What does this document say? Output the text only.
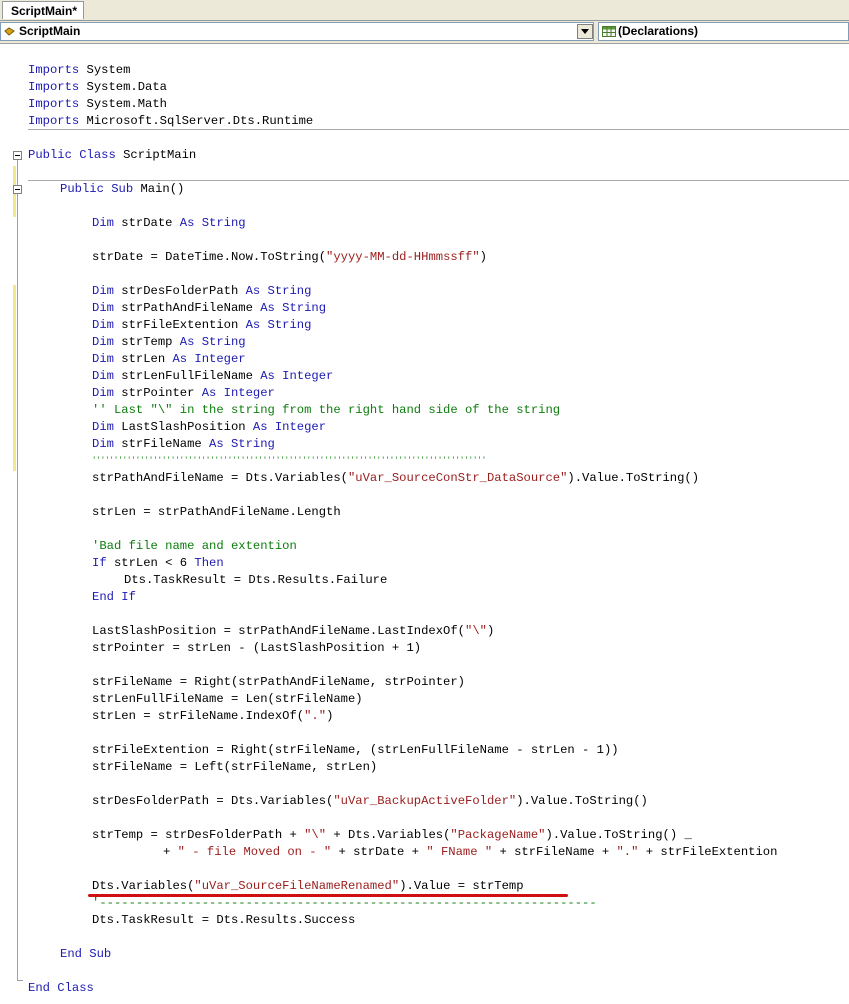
ScriptMain*
ScriptMain	(Declarations)
Imports System
Imports System.Data
Imports System.Math
Imports Microsoft.SqlServer.Dts.Runtime
Public Class ScriptMain
Public Sub Main()
Dim strDate As String
strDate = DateTime.Now.ToString("yyyy-MM-dd-HHmmssff")
Dim strDesFolderPath As String
Dim strPathAndFileName As String
Dim strFileExtention As String
Dim strTemp As String
Dim strLen As Integer
Dim strLenFullFileName As Integer
Dim strPointer As Integer
'' Last "\" in the string from the right hand side of the string
Dim LastSlashPosition As Integer
Dim strFileName As String
''''''''''''''''''''''''''''''''''''''''''''''''''''''''''''''''''''''''''''''''''''''''''
strPathAndFileName = Dts.Variables("uVar_SourceConStr_DataSource").Value.ToString()
strLen = strPathAndFileName.Length
'Bad file name and extention
If strLen < 6 Then
Dts.TaskResult = Dts.Results.Failure
End If
LastSlashPosition = strPathAndFileName.LastIndexOf("\")
strPointer = strLen - (LastSlashPosition + 1)
strFileName = Right(strPathAndFileName, strPointer)
strLenFullFileName = Len(strFileName)
strLen = strFileName.IndexOf(".")
strFileExtention = Right(strFileName, (strLenFullFileName - strLen - 1))
strFileName = Left(strFileName, strLen)
strDesFolderPath = Dts.Variables("uVar_BackupActiveFolder").Value.ToString()
strTemp = strDesFolderPath + "\" + Dts.Variables("PackageName").Value.ToString() _
+ " - file Moved on - " + strDate + " FName " + strFileName + "." + strFileExtention
Dts.Variables("uVar_SourceFileNameRenamed").Value = strTemp
'--------------------------------------------------------------------
Dts.TaskResult = Dts.Results.Success
End Sub
End Class
